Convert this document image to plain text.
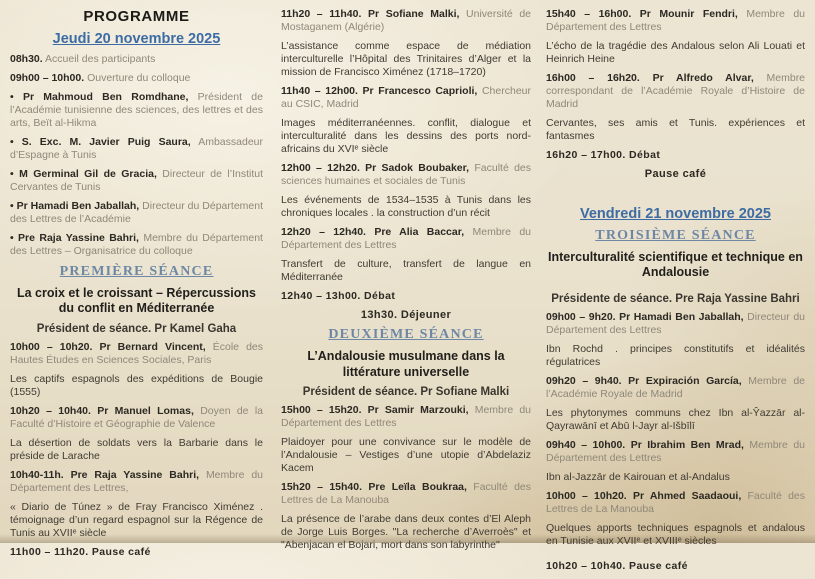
PROGRAMME
Jeudi 20 novembre 2025

08h30. Accueil des participants

09h00 – 10h00. Ouverture du colloque

• Pr Mahmoud Ben Romdhane, Président de l’Académie tunisienne des sciences, des lettres et des arts, Beït al-Hikma

• S. Exc. M. Javier Puig Saura, Ambassadeur d’Espagne à Tunis

• M Germinal Gil de Gracia, Directeur de l’Institut Cervantes de Tunis

• Pr Hamadi Ben Jaballah, Directeur du Département des Lettres de l’Académie

• Pre Raja Yassine Bahri, Membre du Département des Lettres – Organisatrice du colloque

PREMIÈRE SÉANCE
La croix et le croissant – Répercussions du conflit en Méditerranée

Président de séance. Pr Kamel Gaha

10h00 – 10h20. Pr Bernard Vincent, École des Hautes Études en Sciences Sociales, Paris

Les captifs espagnols des expéditions de Bougie (1555)

10h20 – 10h40. Pr Manuel Lomas, Doyen de la Faculté d’Histoire et Géographie de Valence

La désertion de soldats vers la Barbarie dans le préside de Larache

10h40-11h. Pre Raja Yassine Bahri, Membre du Département des Lettres,

« Diario de Túnez » de Fray Francisco Ximénez . témoignage d’un regard espagnol sur la Régence de Tunis au XVIIᵉ siècle

11h00 – 11h20. Pause café

11h20 – 11h40. Pr Sofiane Malki, Université de Mostaganem (Algérie)

L’assistance comme espace de médiation interculturelle l’Hôpital des Trinitaires d’Alger et la mission de Francisco Ximénez (1718–1720)

11h40 – 12h00. Pr Francesco Caprioli, Chercheur au CSIC, Madrid

Images méditerranéennes. conflit, dialogue et interculturalité dans les dessins des ports nord-africains du XVIᵉ siècle

12h00 – 12h20. Pr Sadok Boubaker, Faculté des sciences humaines et sociales de Tunis

Les événements de 1534–1535 à Tunis dans les chroniques locales . la construction d’un récit

12h20 – 12h40. Pre Alia Baccar, Membre du Département des Lettres

Transfert de culture, transfert de langue en Méditerranée

12h40 – 13h00. Débat

13h30. Déjeuner

DEUXIÈME SÉANCE
L’Andalousie musulmane dans la littérature universelle

Président de séance. Pr Sofiane Malki

15h00 – 15h20. Pr Samir Marzouki, Membre du Département des Lettres

Plaidoyer pour une convivance sur le modèle de l’Andalousie – Vestiges d’une utopie d’Abdelaziz Kacem

15h20 – 15h40. Pre Leïla Boukraa, Faculté des Lettres de La Manouba

La présence de l’arabe dans deux contes d’El Aleph de Jorge Luis Borges. "La recherche d’Averroès" et "Abenjacan el Bojari, mort dans son labyrinthe"

15h40 – 16h00. Pr Mounir Fendri, Membre du Département des Lettres

L’écho de la tragédie des Andalous selon Ali Louati et Heinrich Heine

16h00 – 16h20. Pr Alfredo Alvar, Membre correspondant de l’Académie Royale d’Histoire de Madrid

Cervantes, ses amis et Tunis. expériences et fantasmes

16h20 – 17h00. Débat

Pause café

Vendredi 21 novembre 2025
TROISIÈME SÉANCE
Interculturalité scientifique et technique en Andalousie

Présidente de séance. Pre Raja Yassine Bahri

09h00 – 9h20. Pr Hamadi Ben Jaballah, Directeur du Département des Lettres

Ibn Rochd . principes constitutifs et idéalités régulatrices

09h20 – 9h40. Pr Expiración García, Membre de l’Académie Royale de Madrid

Les phytonymes communs chez Ibn al-Ŷazzār al-Qayrawānī et Abū l-Jayr al-Išbīlī

09h40 – 10h00. Pr Ibrahim Ben Mrad, Membre du Département des Lettres

Ibn al-Jazzār de Kairouan et al-Andalus

10h00 – 10h20. Pr Ahmed Saadaoui, Faculté des Lettres de La Manouba

Quelques apports techniques espagnols et andalous en Tunisie aux XVIIᵉ et XVIIIᵉ siècles

10h20 – 10h40. Pause café
